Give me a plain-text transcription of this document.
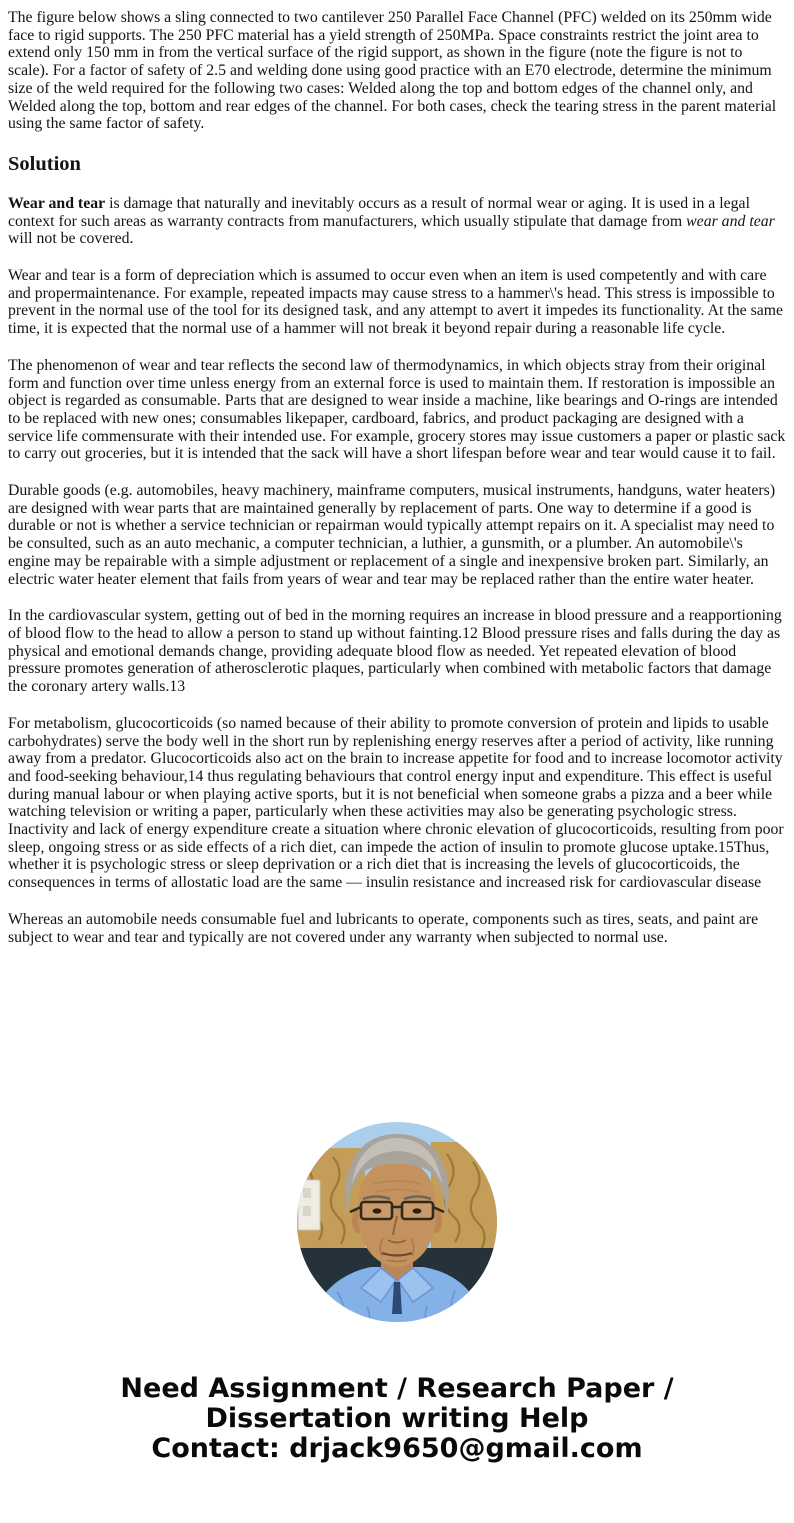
The figure below shows a sling connected to two cantilever 250 Parallel Face Channel (PFC) welded on its 250mm wide face to rigid supports. The 250 PFC material has a yield strength of 250MPa. Space constraints restrict the joint area to extend only 150 mm in from the vertical surface of the rigid support, as shown in the figure (note the figure is not to scale). For a factor of safety of 2.5 and welding done using good practice with an E70 electrode, determine the minimum size of the weld required for the following two cases: Welded along the top and bottom edges of the channel only, and Welded along the top, bottom and rear edges of the channel. For both cases, check the tearing stress in the parent material using the same factor of safety.

Solution

Wear and tear is damage that naturally and inevitably occurs as a result of normal wear or aging. It is used in a legal context for such areas as warranty contracts from manufacturers, which usually stipulate that damage from wear and tear will not be covered.

Wear and tear is a form of depreciation which is assumed to occur even when an item is used competently and with care and propermaintenance. For example, repeated impacts may cause stress to a hammer\'s head. This stress is impossible to prevent in the normal use of the tool for its designed task, and any attempt to avert it impedes its functionality. At the same time, it is expected that the normal use of a hammer will not break it beyond repair during a reasonable life cycle.

The phenomenon of wear and tear reflects the second law of thermodynamics, in which objects stray from their original form and function over time unless energy from an external force is used to maintain them. If restoration is impossible an object is regarded as consumable. Parts that are designed to wear inside a machine, like bearings and O-rings are intended to be replaced with new ones; consumables likepaper, cardboard, fabrics, and product packaging are designed with a service life commensurate with their intended use. For example, grocery stores may issue customers a paper or plastic sack to carry out groceries, but it is intended that the sack will have a short lifespan before wear and tear would cause it to fail.

Durable goods (e.g. automobiles, heavy machinery, mainframe computers, musical instruments, handguns, water heaters) are designed with wear parts that are maintained generally by replacement of parts. One way to determine if a good is durable or not is whether a service technician or repairman would typically attempt repairs on it. A specialist may need to be consulted, such as an auto mechanic, a computer technician, a luthier, a gunsmith, or a plumber. An automobile\'s engine may be repairable with a simple adjustment or replacement of a single and inexpensive broken part. Similarly, an electric water heater element that fails from years of wear and tear may be replaced rather than the entire water heater.

In the cardiovascular system, getting out of bed in the morning requires an increase in blood pressure and a reapportioning of blood flow to the head to allow a person to stand up without fainting.12 Blood pressure rises and falls during the day as physical and emotional demands change, providing adequate blood flow as needed. Yet repeated elevation of blood pressure promotes generation of atherosclerotic plaques, particularly when combined with metabolic factors that damage the coronary artery walls.13

For metabolism, glucocorticoids (so named because of their ability to promote conversion of protein and lipids to usable carbohydrates) serve the body well in the short run by replenishing energy reserves after a period of activity, like running away from a predator. Glucocorticoids also act on the brain to increase appetite for food and to increase locomotor activity and food-seeking behaviour,14 thus regulating behaviours that control energy input and expenditure. This effect is useful during manual labour or when playing active sports, but it is not beneficial when someone grabs a pizza and a beer while watching television or writing a paper, particularly when these activities may also be generating psychologic stress. Inactivity and lack of energy expenditure create a situation where chronic elevation of glucocorticoids, resulting from poor sleep, ongoing stress or as side effects of a rich diet, can impede the action of insulin to promote glucose uptake.15Thus, whether it is psychologic stress or sleep deprivation or a rich diet that is increasing the levels of glucocorticoids, the consequences in terms of allostatic load are the same — insulin resistance and increased risk for cardiovascular disease

Whereas an automobile needs consumable fuel and lubricants to operate, components such as tires, seats, and paint are subject to wear and tear and typically are not covered under any warranty when subjected to normal use.

Need Assignment / Research Paper / Dissertation writing Help
Contact: drjack9650@gmail.com
